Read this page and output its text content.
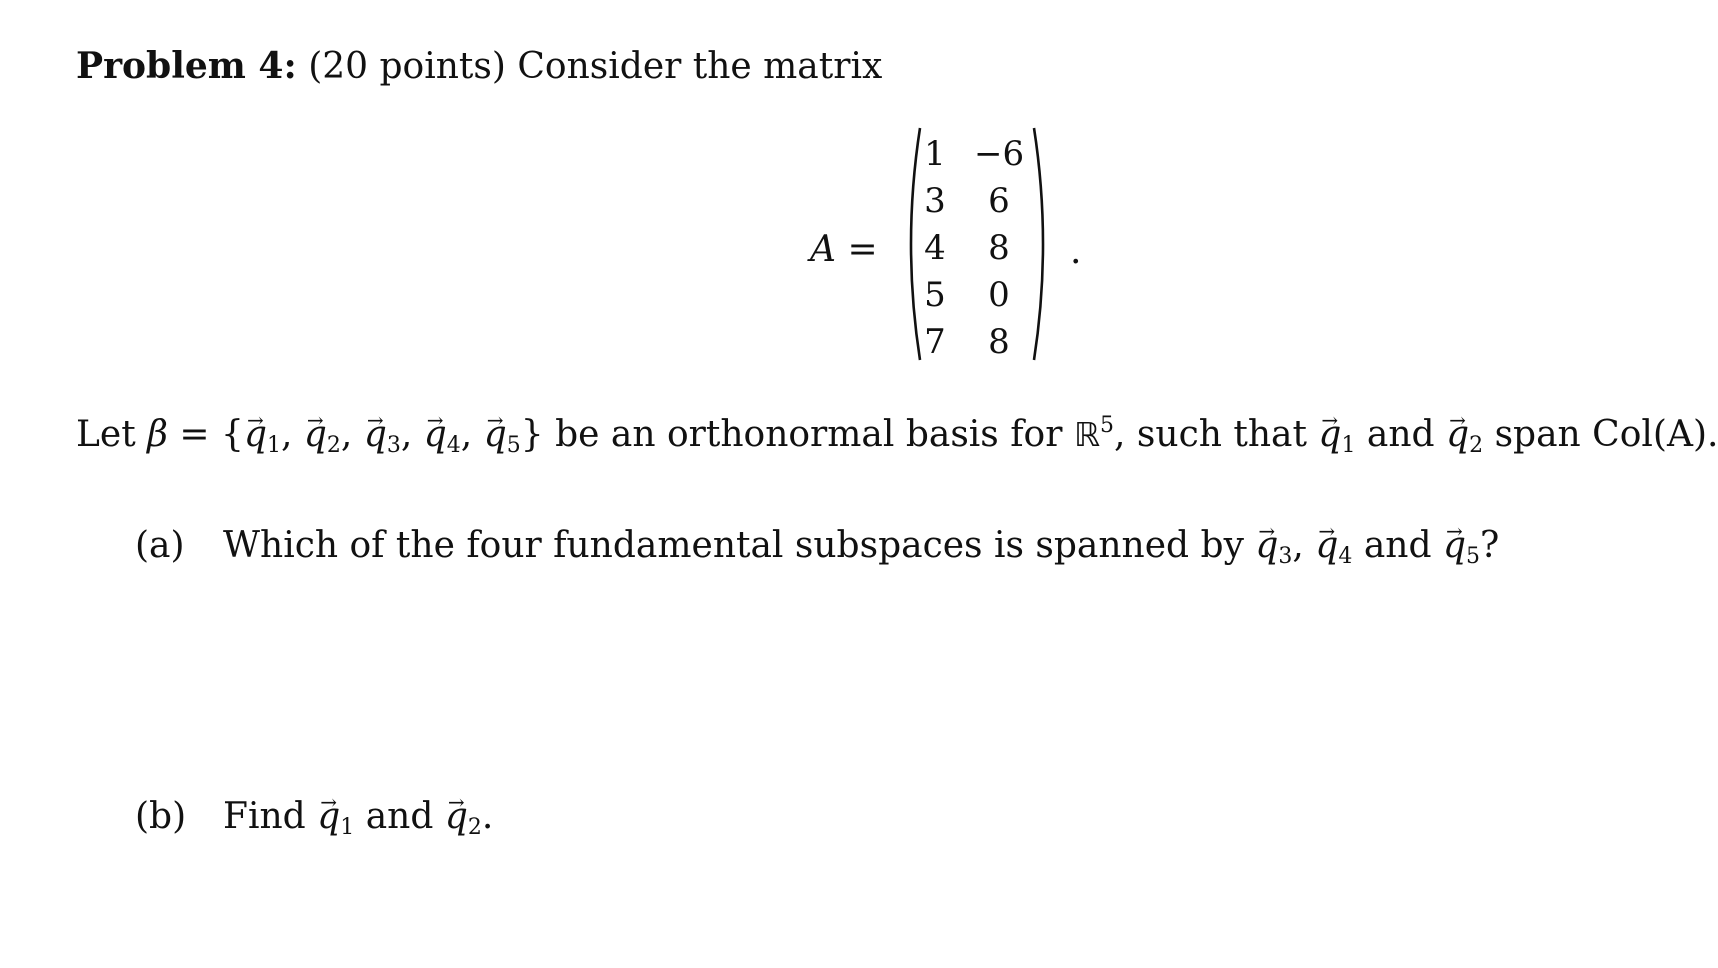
Problem 4: (20 points) Consider the matrix
A =
1 −6
3	6
4	8
5	0
7	8
.
Let β = {→ $q_1$, → $q_2$, → $q_3$, → $q_4$, → $q_5$} be an orthonormal basis for ℝ$^5$, such that → $q_1$ and → $q_2$ span Col(A).
(a) Which of the four fundamental subspaces is spanned by → $q_3$, → $q_4$ and → $q_5$?
(b) Find → $q_1$ and → $q_2$.
